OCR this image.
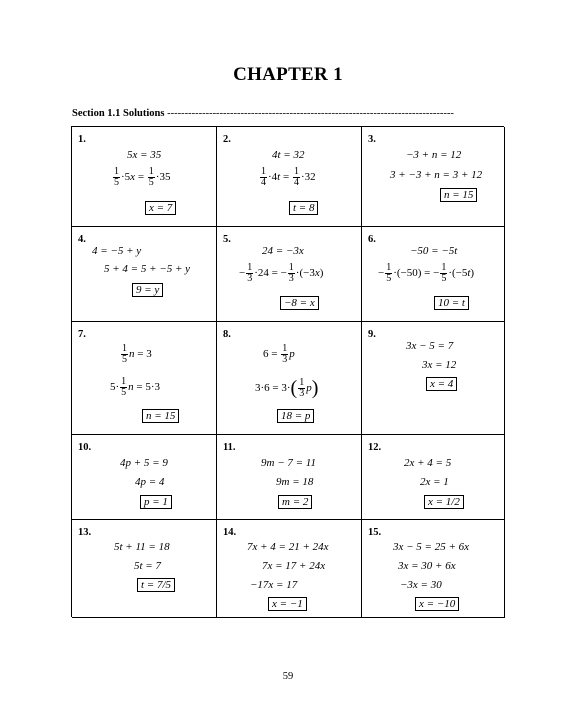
CHAPTER 1
Section 1.1 Solutions ----------------------------------------------------------------------------------
1.
5x = 35
$\frac{1}{5} \cdot 5x = \frac{1}{5} \cdot 35$
x = 7
2.
4t = 32
$\frac{1}{4} \cdot 4t = \frac{1}{4} \cdot 32$
t = 8
3.
−3 + n = 12
3 + −3 + n = 3 + 12
n = 15
4.
4 = −5 + y
5 + 4 = 5 + −5 + y
9 = y
5.
24 = −3x
− $\frac{1}{3} \cdot 24$ = − $\frac{1}{3} \cdot(-3x)$
−8 = x
6.
−50 = −5t
− $\frac{1}{5} \cdot(-50)$ = − $\frac{1}{5} \cdot(-5t)$
10 = t
7.
$\frac{1}{5}$ n = 3
$5\cdot \frac{1}{5}$ n = 5·3
n = 15
8.
$6 = \frac{1}{3}$ p
$3\cdot 6 = 3\cdot( \frac{1}{3} p)$
18 = p
9.
3x − 5 = 7
3x = 12
x = 4
10.
4p + 5 = 9
4p = 4
p = 1
11.
9m − 7 = 11
9m = 18
m = 2
12.
2x + 4 = 5
2x = 1
x = 1/2
13.
5t + 11 = 18
5t = 7
t = 7/5
14.
7x + 4 = 21 + 24x
7x = 17 + 24x
−17x = 17
x = −1
15.
3x − 5 = 25 + 6x
3x = 30 + 6x
−3x = 30
x = −10
59
